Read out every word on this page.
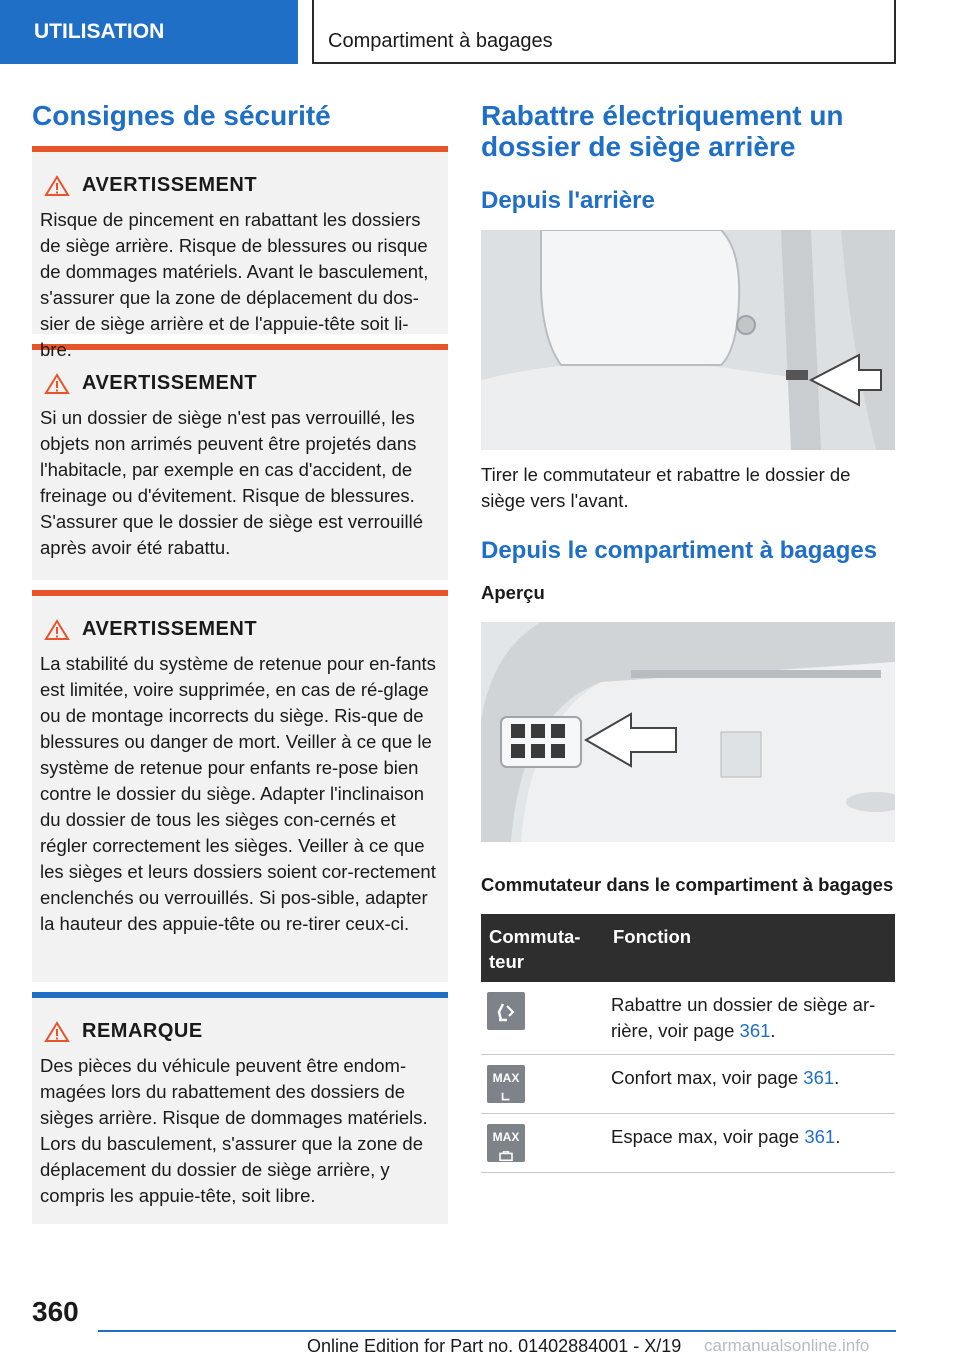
UTILISATION	Compartiment à bagages
Consignes de sécurité
AVERTISSEMENT
Risque de pincement en rabattant les dossiers de siège arrière. Risque de blessures ou risque de dommages matériels. Avant le basculement, s'assurer que la zone de déplacement du dos-sier de siège arrière et de l'appuie-tête soit li-bre.
AVERTISSEMENT
Si un dossier de siège n'est pas verrouillé, les objets non arrimés peuvent être projetés dans l'habitacle, par exemple en cas d'accident, de freinage ou d'évitement. Risque de blessures. S'assurer que le dossier de siège est verrouillé après avoir été rabattu.
AVERTISSEMENT
La stabilité du système de retenue pour en-fants est limitée, voire supprimée, en cas de ré-glage ou de montage incorrects du siège. Ris-que de blessures ou danger de mort. Veiller à ce que le système de retenue pour enfants re-pose bien contre le dossier du siège. Adapter l'inclinaison du dossier de tous les sièges con-cernés et régler correctement les sièges. Veiller à ce que les sièges et leurs dossiers soient cor-rectement enclenchés ou verrouillés. Si pos-sible, adapter la hauteur des appuie-tête ou re-tirer ceux-ci.
REMARQUE
Des pièces du véhicule peuvent être endom-magées lors du rabattement des dossiers de sièges arrière. Risque de dommages matériels. Lors du basculement, s'assurer que la zone de déplacement du dossier de siège arrière, y compris les appuie-tête, soit libre.
Rabattre électriquement un dossier de siège arrière
Depuis l'arrière
Tirer le commutateur et rabattre le dossier de siège vers l'avant.
Depuis le compartiment à bagages
Aperçu
Commutateur dans le compartiment à bagages
Commuta-teur	Fonction

	Rabattre un dossier de siège ar-rière, voir page 361.

MAX	Confort max, voir page 361.

MAX	Espace max, voir page 361.
360
Online Edition for Part no. 01402884001 - X/19 carmanualsonline.info
